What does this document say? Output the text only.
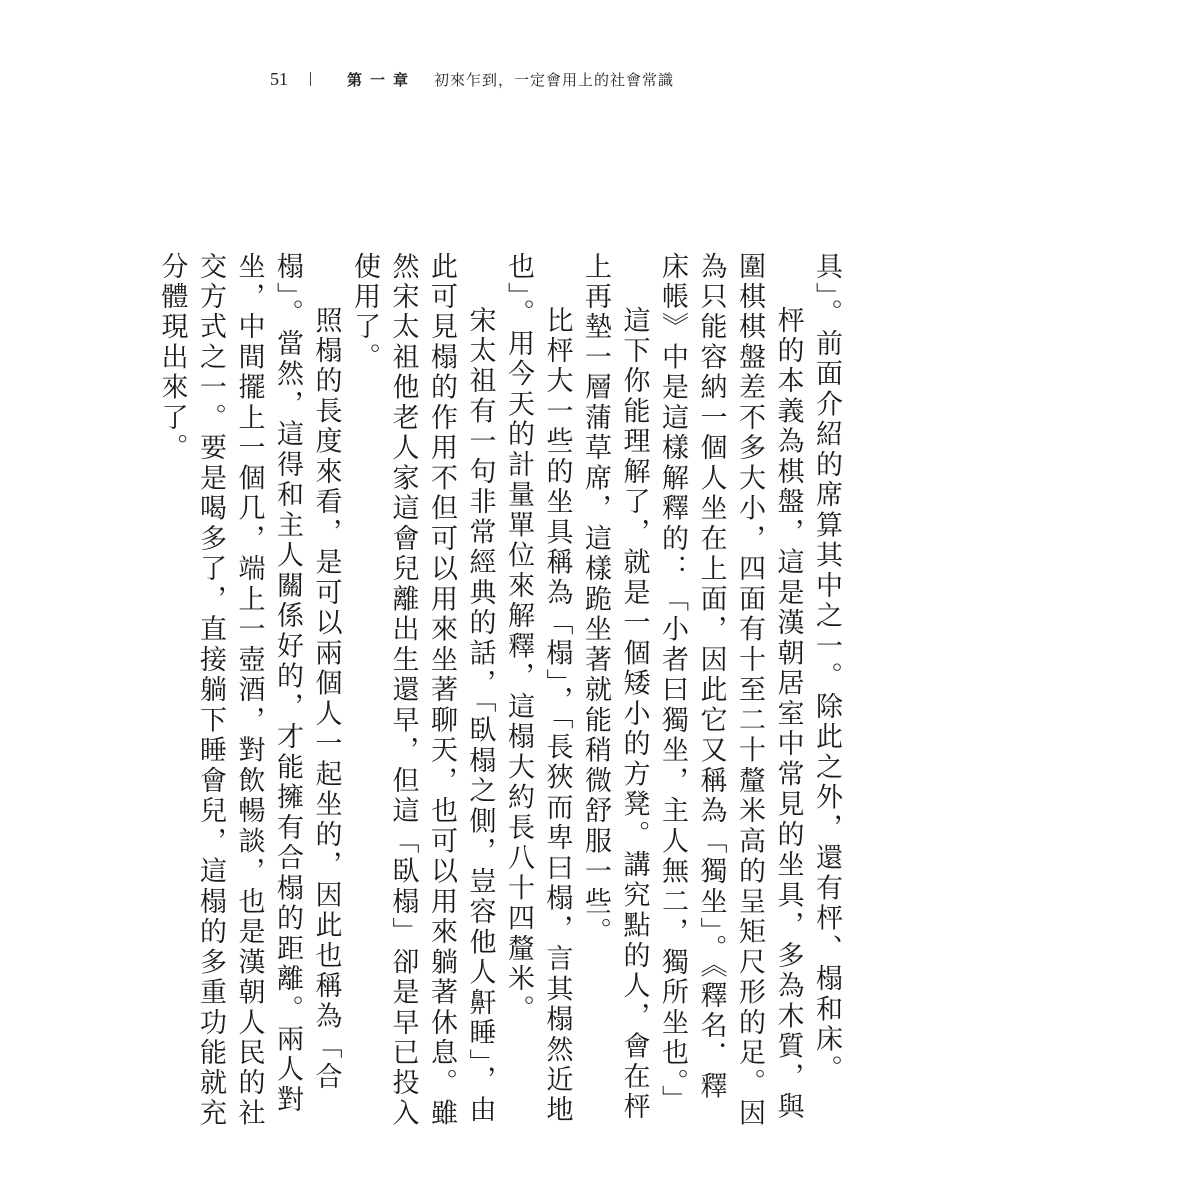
51	第一章 初來乍到，一定會用上的社會常識

具」。前面介紹的席算其中之一。除此之外，還有枰、榻和床。

枰的本義為棋盤，這是漢朝居室中常見的坐具，多為木質，與圍棋棋盤差不多大小，四面有十至二十釐米高的呈矩尺形的足。因為只能容納一個人坐在上面，因此它又稱為「獨坐」。《釋名．釋床帳》中是這樣解釋的：「小者曰獨坐，主人無二，獨所坐也。」

這下你能理解了，就是一個矮小的方凳。講究點的人，會在枰上再墊一層蒲草席，這樣跪坐著就能稍微舒服一些。

比枰大一些的坐具稱為「榻」，「長狹而卑曰榻，言其榻然近地也」。用今天的計量單位來解釋，這榻大約長八十四釐米。

宋太祖有一句非常經典的話，「臥榻之側，豈容他人鼾睡」，由此可見榻的作用不但可以用來坐著聊天，也可以用來躺著休息。雖然宋太祖他老人家這會兒離出生還早，但這「臥榻」卻是早已投入使用了。

照榻的長度來看，是可以兩個人一起坐的，因此也稱為「合榻」。當然，這得和主人關係好的，才能擁有合榻的距離。兩人對坐，中間擺上一個几，端上一壺酒，對飲暢談，也是漢朝人民的社交方式之一。要是喝多了，直接躺下睡會兒，這榻的多重功能就充分體現出來了。
